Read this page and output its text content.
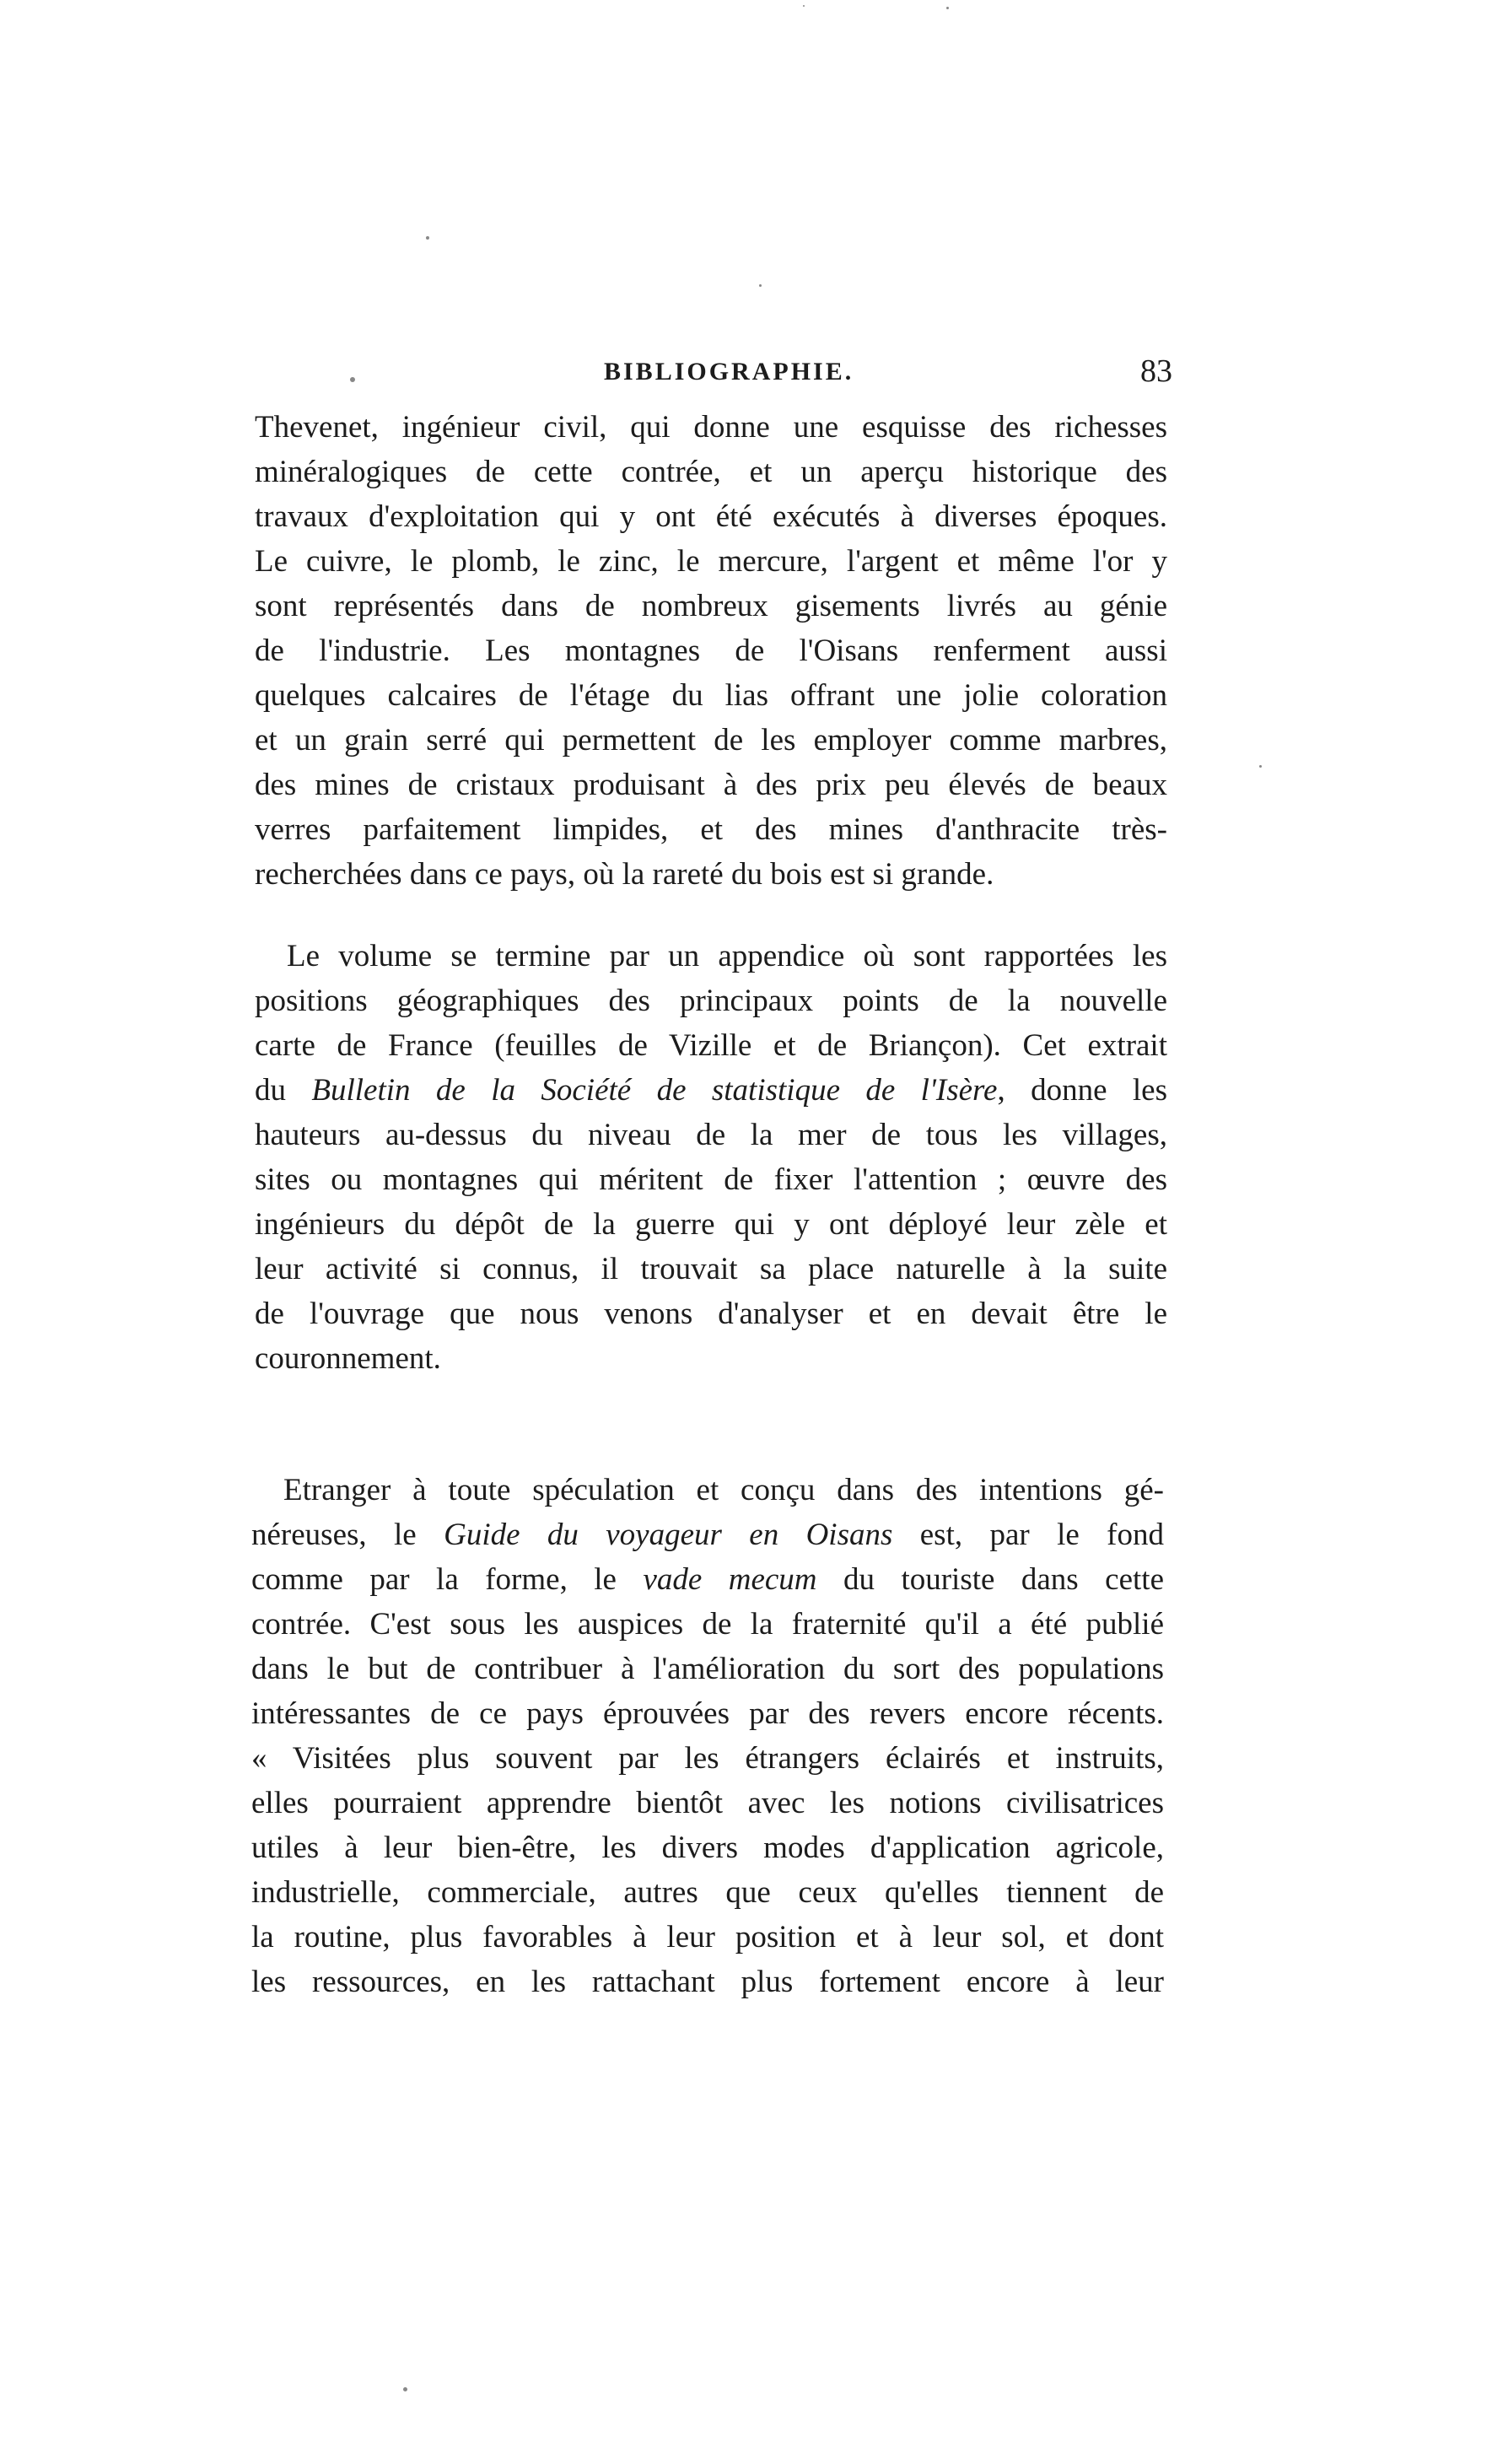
BIBLIOGRAPHIE.	83
Thevenet, ingénieur civil, qui donne une esquisse des richesses
minéralogiques de cette contrée, et un aperçu historique des
travaux d'exploitation qui y ont été exécutés à diverses époques.
Le cuivre, le plomb, le zinc, le mercure, l'argent et même l'or y
sont représentés dans de nombreux gisements livrés au génie
de l'industrie. Les montagnes de l'Oisans renferment aussi
quelques calcaires de l'étage du lias offrant une jolie coloration
et un grain serré qui permettent de les employer comme marbres,
des mines de cristaux produisant à des prix peu élevés de beaux
verres parfaitement limpides, et des mines d'anthracite très-
recherchées dans ce pays, où la rareté du bois est si grande.
Le volume se termine par un appendice où sont rapportées les
positions géographiques des principaux points de la nouvelle
carte de France (feuilles de Vizille et de Briançon). Cet extrait
du Bulletin de la Société de statistique de l'Isère, donne les
hauteurs au-dessus du niveau de la mer de tous les villages,
sites ou montagnes qui méritent de fixer l'attention ; œuvre des
ingénieurs du dépôt de la guerre qui y ont déployé leur zèle et
leur activité si connus, il trouvait sa place naturelle à la suite
de l'ouvrage que nous venons d'analyser et en devait être le
couronnement.
Etranger à toute spéculation et conçu dans des intentions gé-
néreuses, le Guide du voyageur en Oisans est, par le fond
comme par la forme, le vade mecum du touriste dans cette
contrée. C'est sous les auspices de la fraternité qu'il a été publié
dans le but de contribuer à l'amélioration du sort des populations
intéressantes de ce pays éprouvées par des revers encore récents.
« Visitées plus souvent par les étrangers éclairés et instruits,
elles pourraient apprendre bientôt avec les notions civilisatrices
utiles à leur bien-être, les divers modes d'application agricole,
industrielle, commerciale, autres que ceux qu'elles tiennent de
la routine, plus favorables à leur position et à leur sol, et dont
les ressources, en les rattachant plus fortement encore à leur
